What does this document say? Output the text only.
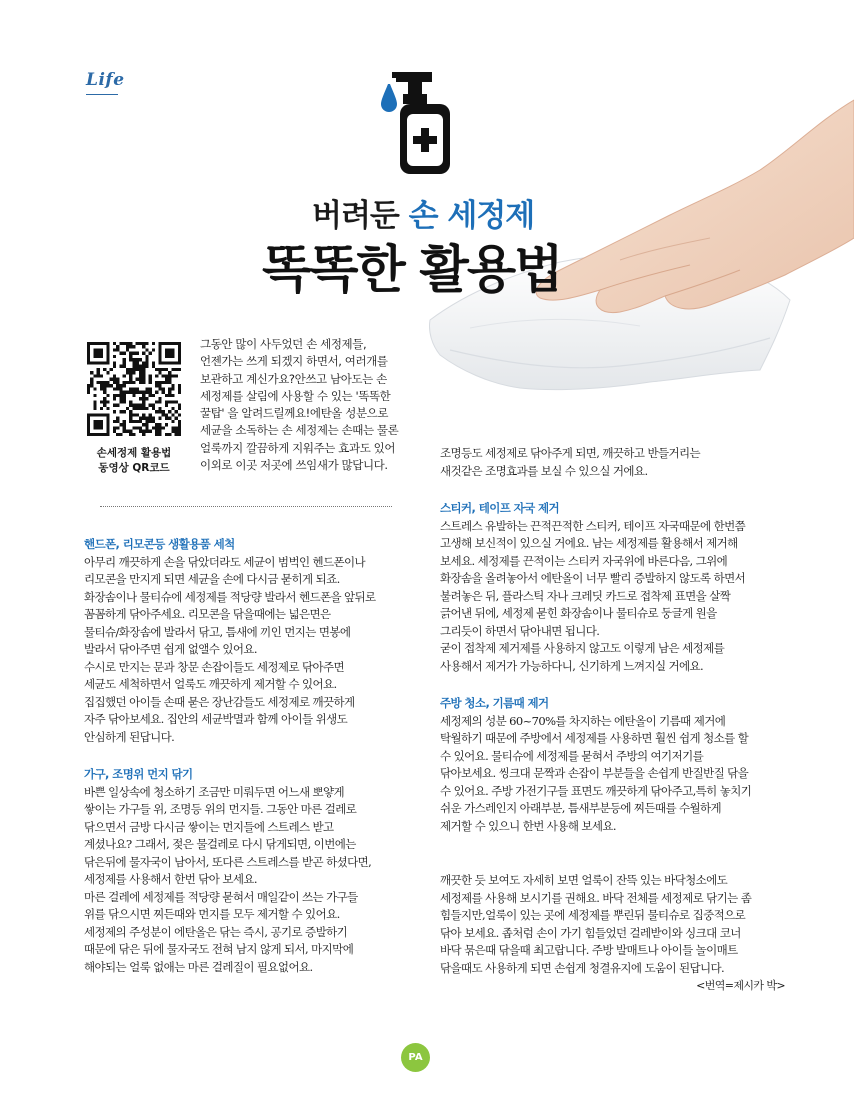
Life
버려둔 손 세정제
똑똑한 활용법
손세정제 활용법
동영상 QR코드
그동안 많이 사두었던 손 세정제들,
언젠가는 쓰게 되겠지 하면서, 여러개를
보관하고 계신가요?안쓰고 남아도는 손
세정제를 살림에 사용할 수 있는 '똑똑한
꿀탑' 을 알려드릴께요!에탄올 성분으로
세균을 소독하는 손 세정제는 손때는 물론
얼룩까지 깔끔하게 지워주는 효과도 있어
이외로 이곳 저곳에 쓰임새가 많답니다.
핸드폰, 리모콘등 생활용품 세척
아무리 깨끗하게 손을 닦았더라도 세균이 범벅인 헨드폰이나
리모콘을 만지게 되면 세균을 손에 다시금 묻히게 되죠.
화장솜이나 물티슈에 세정제를 적당량 발라서 헨드폰을 앞뒤로
꼼꼼하게 닦아주세요. 리모콘을 닦을때에는 넓은면은
물티슈/화장솜에 발라서 닦고, 틈새에 끼인 먼지는 면봉에
발라서 닦아주면 쉽게 없앨수 있어요.
수시로 만지는 문과 창문 손잡이들도 세정제로 닦아주면
세균도 세척하면서 얼룩도 깨끗하게 제거할 수 있어요.
집집했던 아이들 손때 묻은 장난감들도 세정제로 깨끗하게
자주 닦아보세요. 집안의 세균박멸과 함께 아이들 위생도
안심하게 된답니다.
가구, 조명위 먼지 닦기
바쁜 일상속에 청소하기 조금만 미뤄두면 어느새 뽀얗게
쌓이는 가구들 위, 조명등 위의 먼지들. 그동안 마른 걸레로
닦으면서 금방 다시금 쌓이는 먼지들에 스트레스 받고
계셨나요? 그래서, 젖은 물걸레로 다시 닦게되면, 이번에는
닦은뒤에 물자국이 남아서, 또다른 스트레스를 받곤 하셨다면,
세정제를 사용해서 한번 닦아 보세요.
마른 걸레에 세정제를 적당량 묻혀서 매일같이 쓰는 가구들
위를 닦으시면 찌든때와 먼지를 모두 제거할 수 있어요.
세정제의 주성분이 에탄올은 닦는 즉시, 공기로 증발하기
때문에 닦은 뒤에 물자국도 전혀 남지 않게 되서, 마지막에
해야되는 얼룩 없애는 마른 걸레질이 필요없어요.
조명등도 세정제로 닦아주게 되면, 깨끗하고 반들거리는
새것같은 조명효과를 보실 수 있으실 거에요.
스티커, 테이프 자국 제거
스트레스 유발하는 끈적끈적한 스티커, 테이프 자국때문에 한번쯤
고생해 보신적이 있으실 거에요. 남는 세정제를 활용해서 제거해
보세요. 세정제를 끈적이는 스티커 자국위에 바른다음, 그위에
화장솜을 올려놓아서 에탄올이 너무 빨리 증발하지 않도록 하면서
불려놓은 뒤, 플라스틱 자나 크레딧 카드로 접착제 표면을 살짝
긁어낸 뒤에, 세정제 묻힌 화장솜이나 물티슈로 둥글게 원을
그리듯이 하면서 닦아내면 됩니다.
굳이 접착제 제거제를 사용하지 않고도 이렇게 남은 세정제를
사용해서 제거가 가능하다니, 신기하게 느껴지실 거에요.
주방 청소, 기름때 제거
세정제의 성분 60~70%를 차지하는 에탄올이 기름때 제거에
탁월하기 때문에 주방에서 세정제를 사용하면 훨씬 쉽게 청소를 할
수 있어요. 물티슈에 세정제를 묻혀서 주방의 여기저기를
닦아보세요. 씽크대 문짝과 손잡이 부분들을 손쉽게 반질반질 닦을
수 있어요. 주방 가전기구들 표면도 깨끗하게 닦아주고,특히 놓치기
쉬운 가스레인지 아래부분, 틈새부분등에 찌든때를 수월하게
제거할 수 있으니 한번 사용해 보세요.
깨끗한 듯 보여도 자세히 보면 얼룩이 잔뜩 있는 바닥청소에도
세정제를 사용해 보시기를 권해요. 바닥 전체를 세정제로 닦기는 좀
힘들지만,얼룩이 있는 곳에 세정제를 뿌린뒤 물티슈로 집중적으로
닦아 보세요. 좁처럼 손이 가기 힘들었던 걸레받이와 싱크대 코너
바닥 묶은때 닦을때 최고랍니다. 주방 발매트나 아이들 놀이매트
닦을때도 사용하게 되면 손쉽게 청결유지에 도움이 된답니다.
<번역=제시카 박>
PA
